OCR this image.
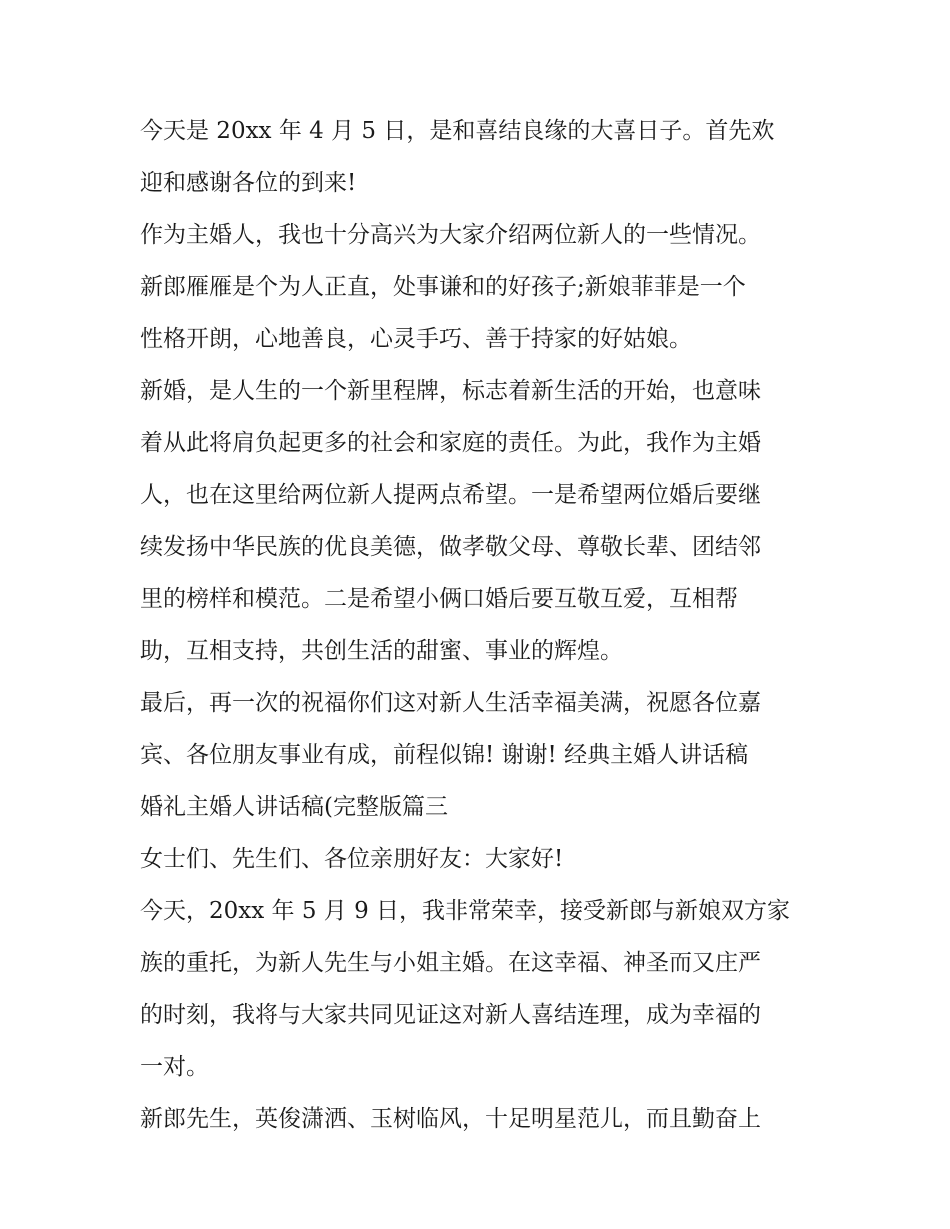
今天是 20xx 年 4 月 5 日，是和喜结良缘的大喜日子。首先欢
迎和感谢各位的到来!
作为主婚人，我也十分高兴为大家介绍两位新人的一些情况。
新郎雁雁是个为人正直，处事谦和的好孩子;新娘菲菲是一个
性格开朗，心地善良，心灵手巧、善于持家的好姑娘。
新婚，是人生的一个新里程牌，标志着新生活的开始，也意味
着从此将肩负起更多的社会和家庭的责任。为此，我作为主婚
人，也在这里给两位新人提两点希望。一是希望两位婚后要继
续发扬中华民族的优良美德，做孝敬父母、尊敬长辈、团结邻
里的榜样和模范。二是希望小俩口婚后要互敬互爱，互相帮
助，互相支持，共创生活的甜蜜、事业的辉煌。
最后，再一次的祝福你们这对新人生活幸福美满，祝愿各位嘉
宾、各位朋友事业有成，前程似锦! 谢谢! 经典主婚人讲话稿
婚礼主婚人讲话稿(完整版篇三
女士们、先生们、各位亲朋好友：大家好!
今天，20xx 年 5 月 9 日，我非常荣幸，接受新郎与新娘双方家
族的重托，为新人先生与小姐主婚。在这幸福、神圣而又庄严
的时刻，我将与大家共同见证这对新人喜结连理，成为幸福的
一对。
新郎先生，英俊潇洒、玉树临风，十足明星范儿，而且勤奋上
